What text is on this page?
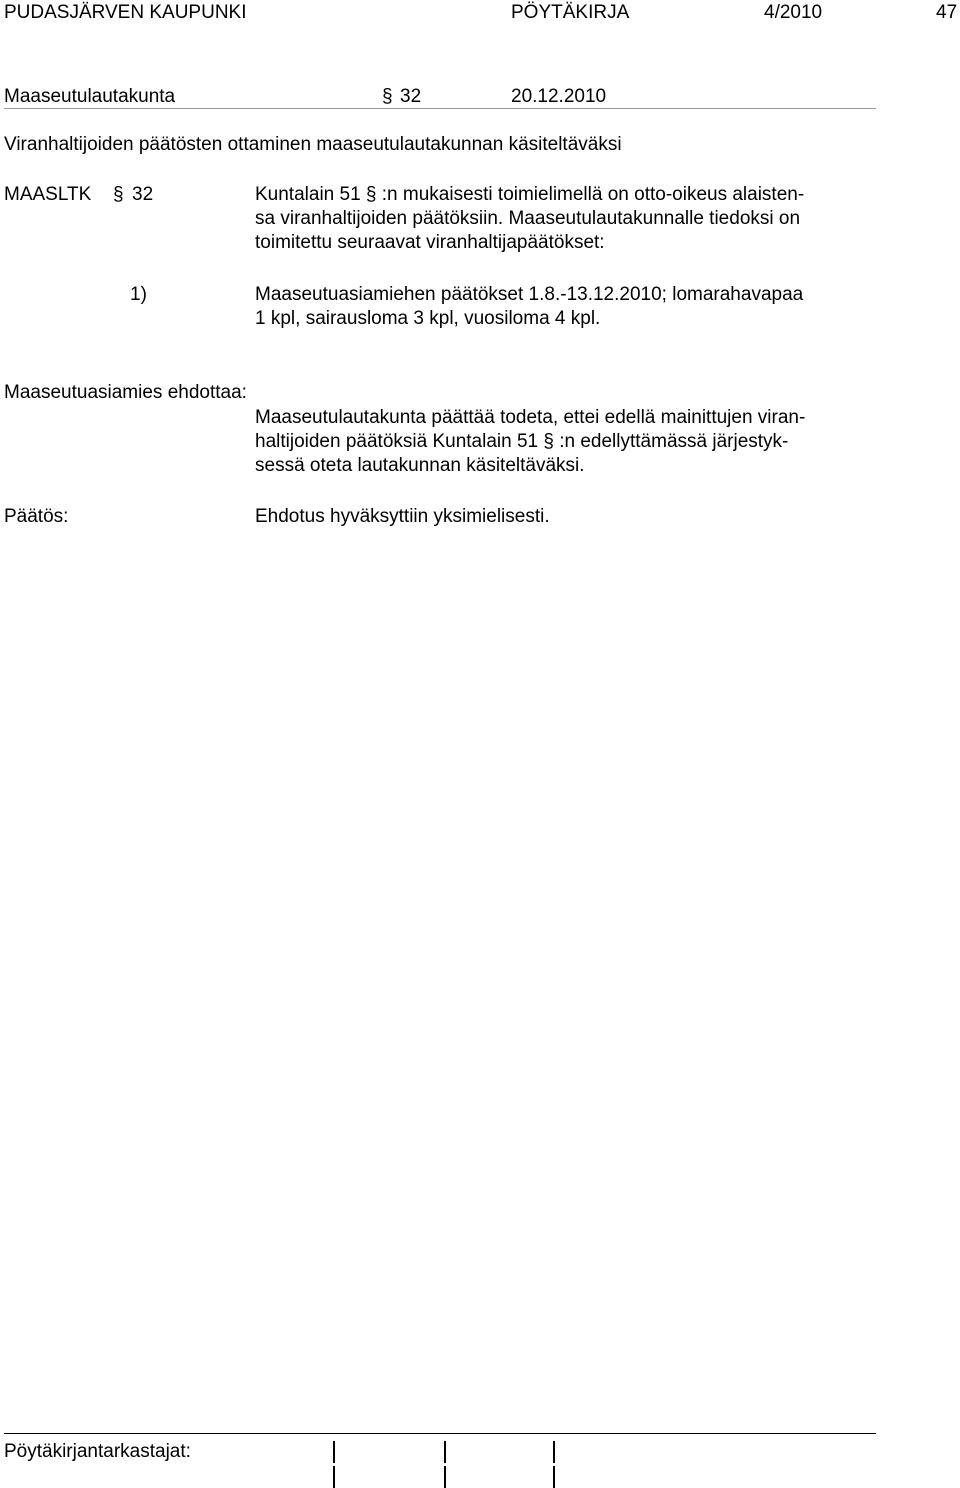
PUDASJÄRVEN KAUPUNKI	PÖYTÄKIRJA	4/2010	47
Maaseutulautakunta	§ 32	20.12.2010
Viranhaltijoiden päätösten ottaminen maaseutulautakunnan käsiteltäväksi
MAASLTK § 32	Kuntalain 51 § :n mukaisesti toimielimellä on otto-oikeus alaisten-
sa viranhaltijoiden päätöksiin. Maaseutulautakunnalle tiedoksi on
toimitettu seuraavat viranhaltijapäätökset:
1)	Maaseutuasiamiehen päätökset 1.8.-13.12.2010; lomarahavapaa
1 kpl, sairausloma 3 kpl, vuosiloma 4 kpl.
Maaseutuasiamies ehdottaa:
Maaseutulautakunta päättää todeta, ettei edellä mainittujen viran-
haltijoiden päätöksiä Kuntalain 51 § :n edellyttämässä järjestyk-
sessä oteta lautakunnan käsiteltäväksi.
Päätös:	Ehdotus hyväksyttiin yksimielisesti.
Pöytäkirjantarkastajat:
